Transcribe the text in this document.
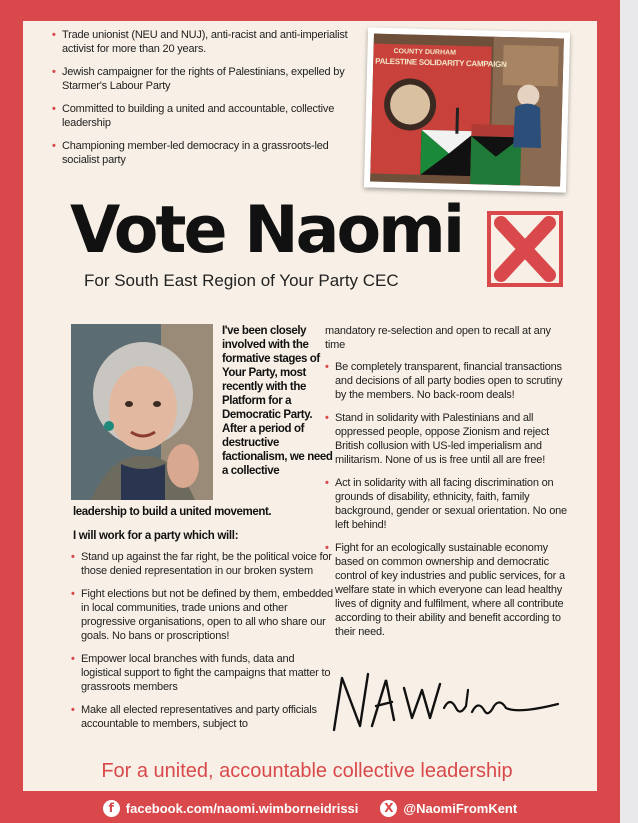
• Trade unionist (NEU and NUJ), anti-racist and anti-imperialist activist for more than 20 years.
• Jewish campaigner for the rights of Palestinians, expelled by Starmer's Labour Party
• Committed to building a united and accountable, collective leadership
• Championing member-led democracy in a grassroots-led socialist party
COUNTY DURHAM
PALESTINE SOLIDARITY CAMPAIGN
Vote Naomi
For South East Region of Your Party CEC
I've been closely involved with the formative stages of Your Party, most recently with the Platform for a Democratic Party. After a period of destructive factionalism, we need a collective
leadership to build a united movement.
I will work for a party which will:
• Stand up against the far right, be the political voice for those denied representation in our broken system
• Fight elections but not be defined by them, embedded in local communities, trade unions and other progressive organisations, open to all who share our goals. No bans or proscriptions!
• Empower local branches with funds, data and logistical support to fight the campaigns that matter to grassroots members
• Make all elected representatives and party officials accountable to members, subject to
mandatory re-selection and open to recall at any time
• Be completely transparent, financial transactions and decisions of all party bodies open to scrutiny by the members. No back-room deals!
• Stand in solidarity with Palestinians and all oppressed people, oppose Zionism and reject British collusion with US-led imperialism and militarism. None of us is free until all are free!
• Act in solidarity with all facing discrimination on grounds of disability, ethnicity, faith, family background, gender or sexual orientation. No one left behind!
• Fight for an ecologically sustainable economy based on common ownership and democratic control of key industries and public services, for a welfare state in which everyone can lead healthy lives of dignity and fulfilment, where all contribute according to their ability and benefit according to their need.
For a united, accountable collective leadership
f facebook.com/naomi.wimborneidrissi	X @NaomiFromKent
